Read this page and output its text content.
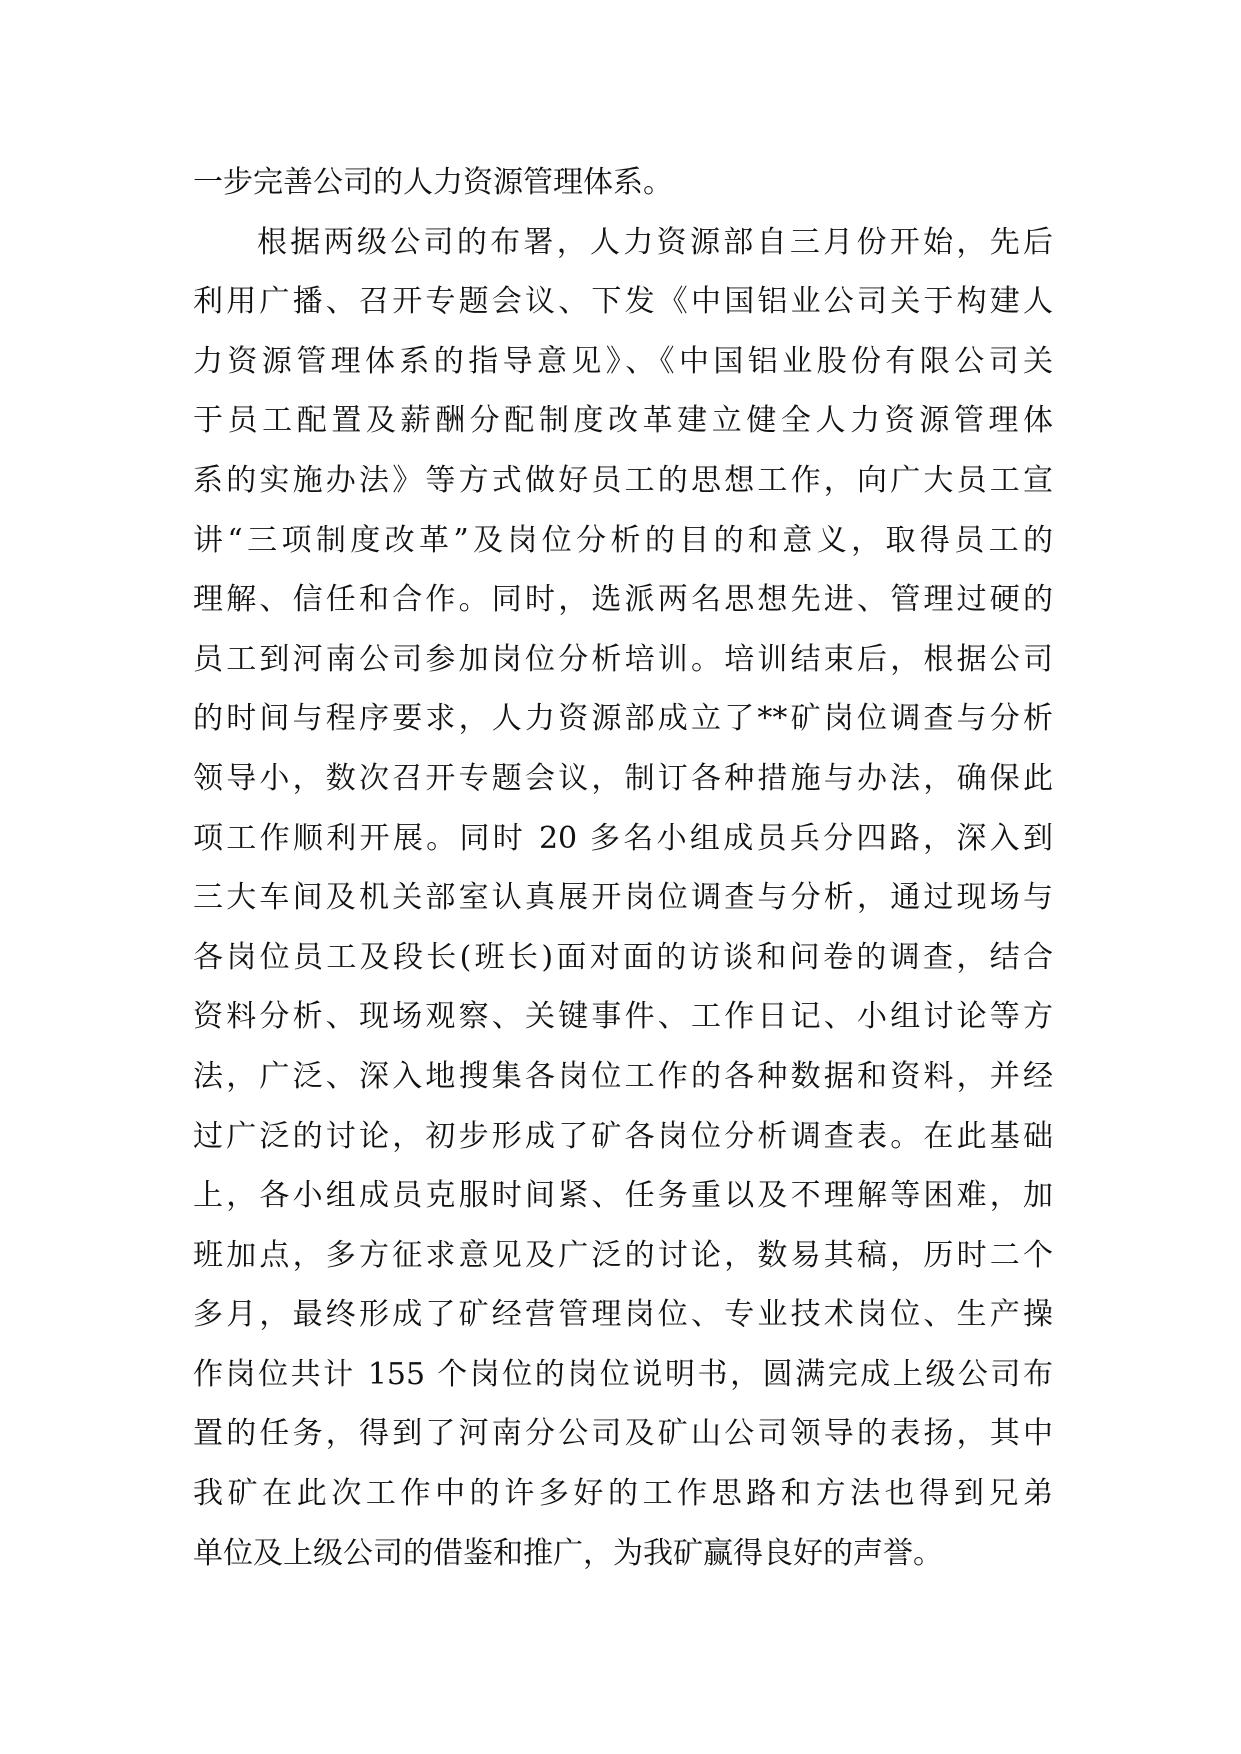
一步完善公司的人力资源管理体系。
根据两级公司的布署，人力资源部自三月份开始，先后
利用广播、召开专题会议、下发《中国铝业公司关于构建人
力资源管理体系的指导意见》、《中国铝业股份有限公司关
于员工配置及薪酬分配制度改革建立健全人力资源管理体
系的实施办法》等方式做好员工的思想工作，向广大员工宣
讲“三项制度改革”及岗位分析的目的和意义，取得员工的
理解、信任和合作。同时，选派两名思想先进、管理过硬的
员工到河南公司参加岗位分析培训。培训结束后，根据公司
的时间与程序要求，人力资源部成立了**矿岗位调查与分析
领导小，数次召开专题会议，制订各种措施与办法，确保此
项工作顺利开展。同时 20 多名小组成员兵分四路，深入到
三大车间及机关部室认真展开岗位调查与分析，通过现场与
各岗位员工及段长(班长)面对面的访谈和问卷的调查，结合
资料分析、现场观察、关键事件、工作日记、小组讨论等方
法，广泛、深入地搜集各岗位工作的各种数据和资料，并经
过广泛的讨论，初步形成了矿各岗位分析调查表。在此基础
上，各小组成员克服时间紧、任务重以及不理解等困难，加
班加点，多方征求意见及广泛的讨论，数易其稿，历时二个
多月，最终形成了矿经营管理岗位、专业技术岗位、生产操
作岗位共计 155 个岗位的岗位说明书，圆满完成上级公司布
置的任务，得到了河南分公司及矿山公司领导的表扬，其中
我矿在此次工作中的许多好的工作思路和方法也得到兄弟
单位及上级公司的借鉴和推广，为我矿赢得良好的声誉。
